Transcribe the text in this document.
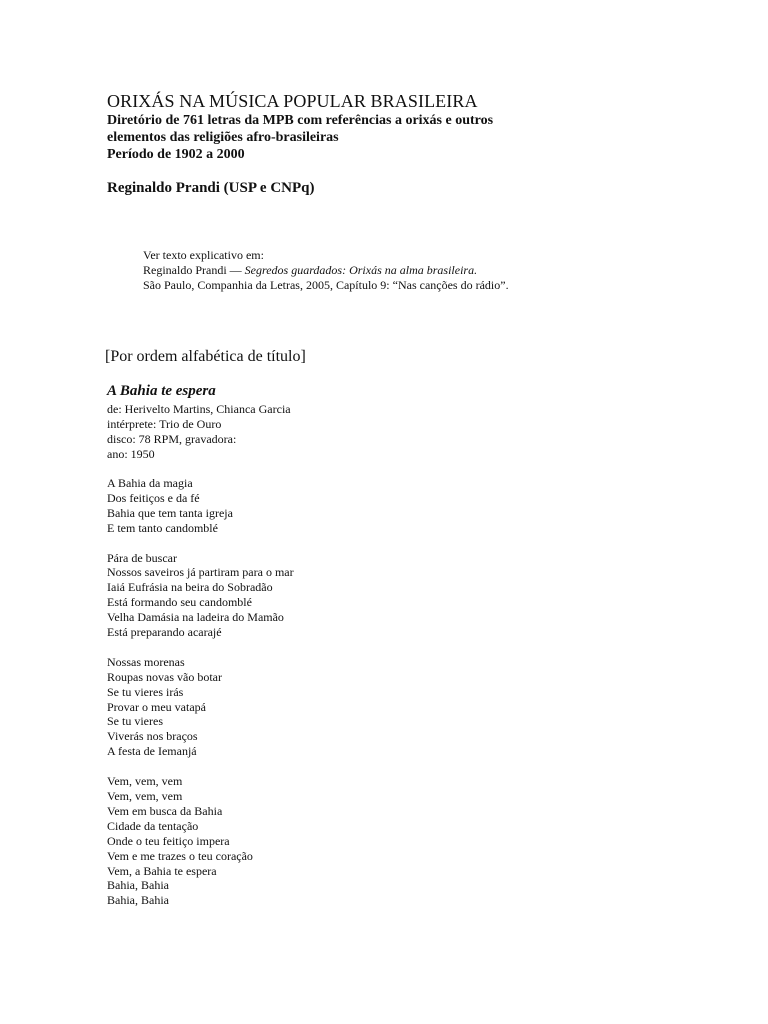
ORIXÁS NA MÚSICA POPULAR BRASILEIRA
Diretório de 761 letras da MPB com referências a orixás e outros
elementos das religiões afro-brasileiras
Período de 1902 a 2000
Reginaldo Prandi (USP e CNPq)
Ver texto explicativo em:
Reginaldo Prandi — Segredos guardados: Orixás na alma brasileira.
São Paulo, Companhia da Letras, 2005, Capítulo 9: “Nas canções do rádio”.
[Por ordem alfabética de título]
A Bahia te espera
de: Herivelto Martins, Chianca Garcia
intérprete: Trio de Ouro
disco: 78 RPM, gravadora:
ano: 1950
A Bahia da magia
Dos feitiços e da fé
Bahia que tem tanta igreja
E tem tanto candomblé
Pára de buscar
Nossos saveiros já partiram para o mar
Iaiá Eufrásia na beira do Sobradão
Está formando seu candomblé
Velha Damásia na ladeira do Mamão
Está preparando acarajé
Nossas morenas
Roupas novas vão botar
Se tu vieres irás
Provar o meu vatapá
Se tu vieres
Viverás nos braços
A festa de Iemanjá
Vem, vem, vem
Vem, vem, vem
Vem em busca da Bahia
Cidade da tentação
Onde o teu feitiço impera
Vem e me trazes o teu coração
Vem, a Bahia te espera
Bahia, Bahia
Bahia, Bahia
